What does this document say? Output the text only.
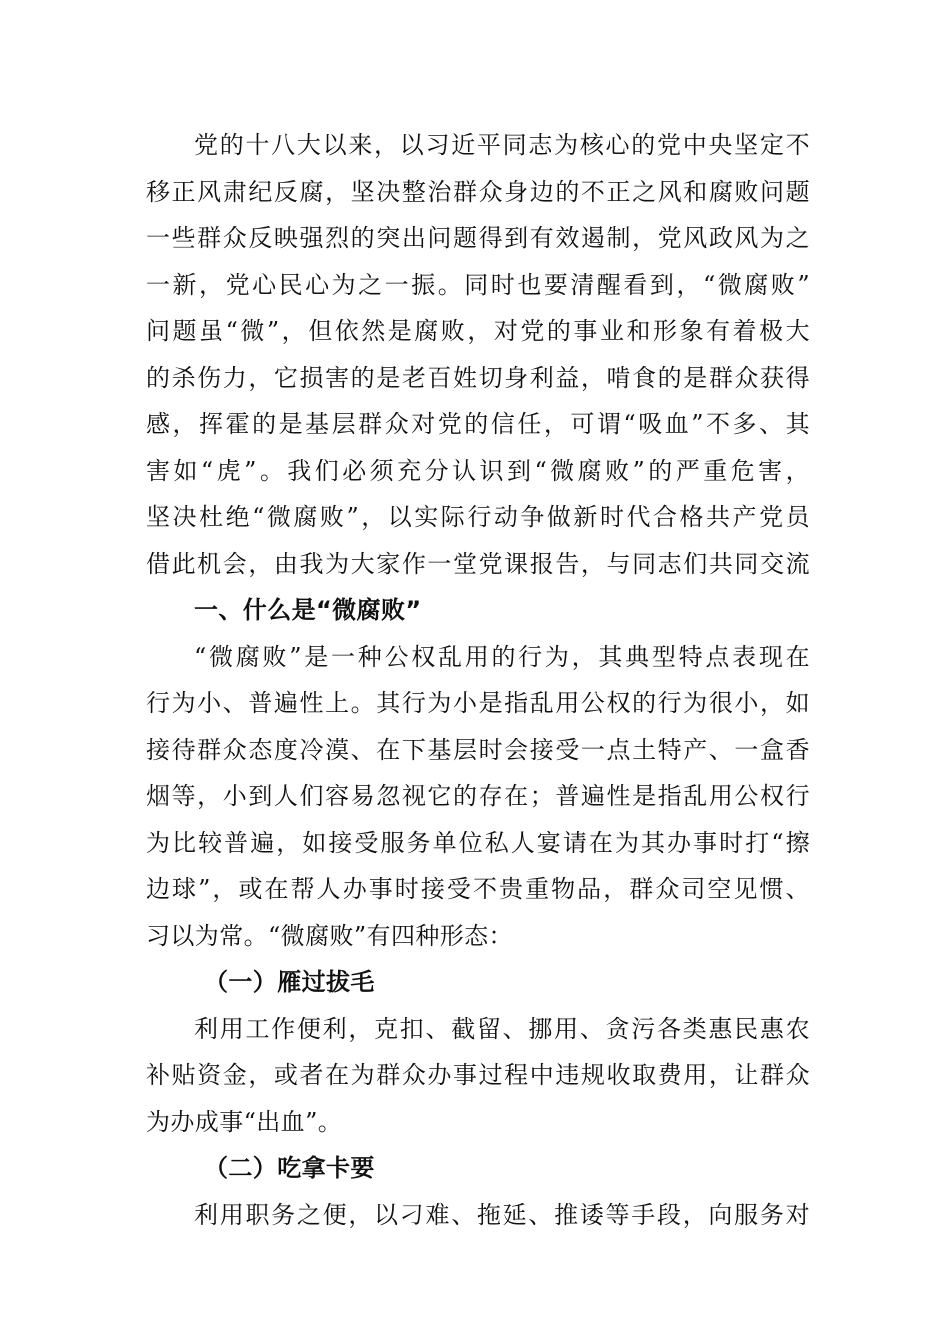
党的十八大以来，以习近平同志为核心的党中央坚定不
移正风肃纪反腐，坚决整治群众身边的不正之风和腐败问题
一些群众反映强烈的突出问题得到有效遏制，党风政风为之
一新，党心民心为之一振。同时也要清醒看到，“微腐败”
问题虽“微”，但依然是腐败，对党的事业和形象有着极大
的杀伤力，它损害的是老百姓切身利益，啃食的是群众获得
感，挥霍的是基层群众对党的信任，可谓“吸血”不多、其
害如“虎”。我们必须充分认识到“微腐败”的严重危害，
坚决杜绝“微腐败”，以实际行动争做新时代合格共产党员
借此机会，由我为大家作一堂党课报告，与同志们共同交流
一、什么是“微腐败”
“微腐败”是一种公权乱用的行为，其典型特点表现在
行为小、普遍性上。其行为小是指乱用公权的行为很小，如
接待群众态度冷漠、在下基层时会接受一点土特产、一盒香
烟等，小到人们容易忽视它的存在；普遍性是指乱用公权行
为比较普遍，如接受服务单位私人宴请在为其办事时打“擦
边球”，或在帮人办事时接受不贵重物品，群众司空见惯、
习以为常。“微腐败”有四种形态：
（一）雁过拔毛
利用工作便利，克扣、截留、挪用、贪污各类惠民惠农
补贴资金，或者在为群众办事过程中违规收取费用，让群众
为办成事“出血”。
（二）吃拿卡要
利用职务之便，以刁难、拖延、推诿等手段，向服务对
